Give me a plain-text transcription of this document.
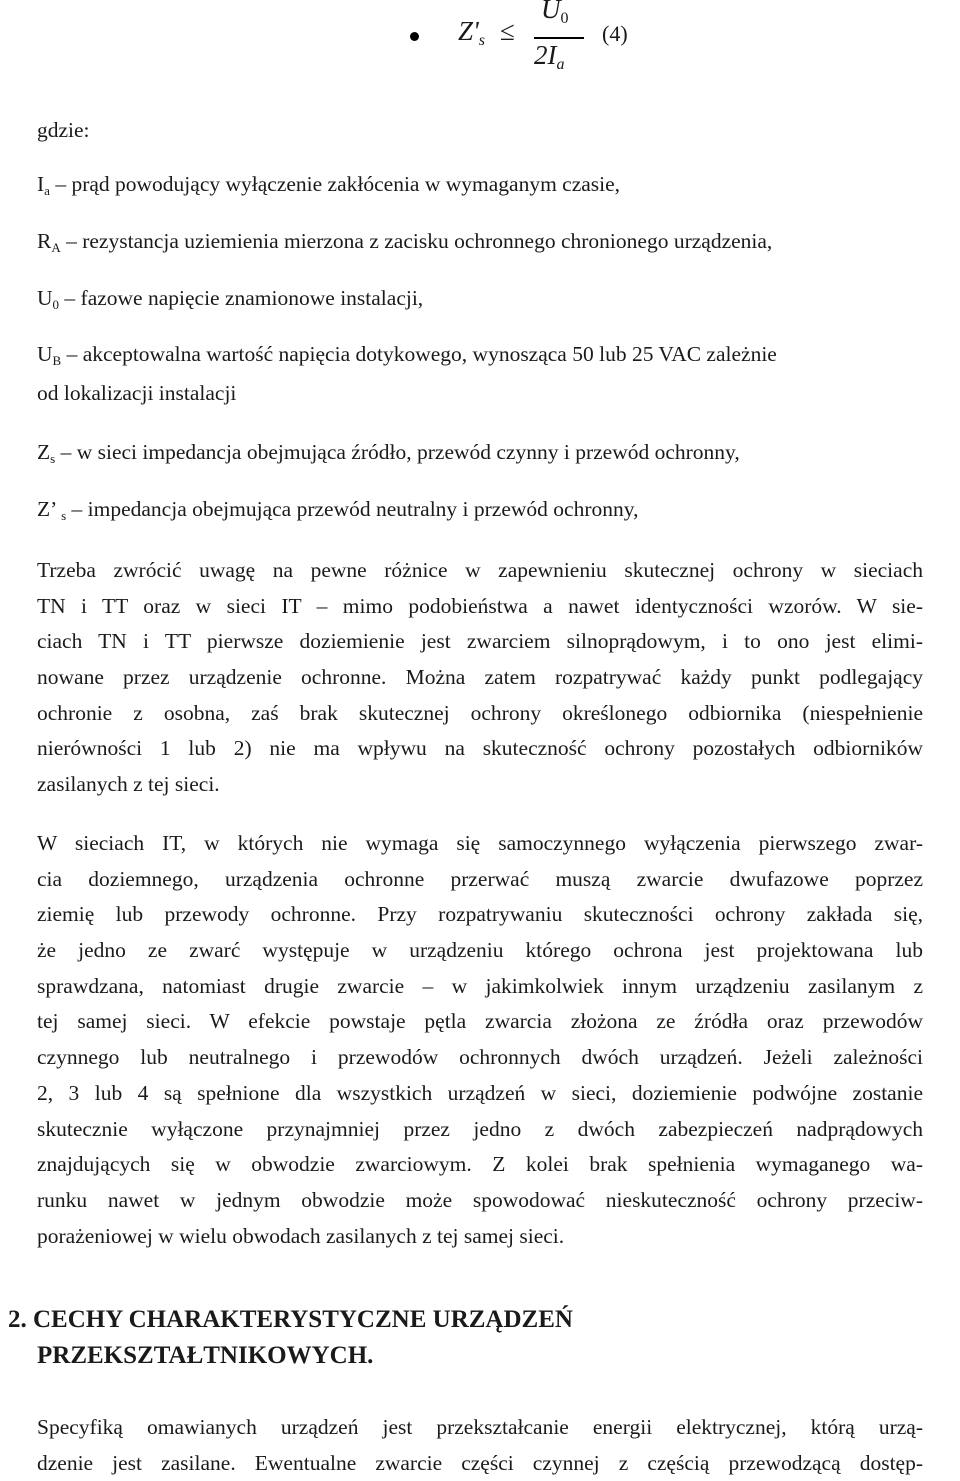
$Z'_s$ ≤
$U_0$
$2I_a$
(4)
gdzie:
$I_a$ – prąd powodujący wyłączenie zakłócenia w wymaganym czasie,
$R_A$ – rezystancja uziemienia mierzona z zacisku ochronnego chronionego urządzenia,
$U_0$ – fazowe napięcie znamionowe instalacji,
$U_B$ – akceptowalna wartość napięcia dotykowego, wynosząca 50 lub 25 VAC zależnie
od lokalizacji instalacji
$Z_s$ – w sieci impedancja obejmująca źródło, przewód czynny i przewód ochronny,
Z’ $_s$ – impedancja obejmująca przewód neutralny i przewód ochronny,
Trzeba zwrócić uwagę na pewne różnice w zapewnieniu skutecznej ochrony w sieciach
TN i TT oraz w sieci IT – mimo podobieństwa a nawet identyczności wzorów. W sie-
ciach TN i TT pierwsze doziemienie jest zwarciem silnoprądowym, i to ono jest elimi-
nowane przez urządzenie ochronne. Można zatem rozpatrywać każdy punkt podlegający
ochronie z osobna, zaś brak skutecznej ochrony określonego odbiornika (niespełnienie
nierówności 1 lub 2) nie ma wpływu na skuteczność ochrony pozostałych odbiorników
zasilanych z tej sieci.
W sieciach IT, w których nie wymaga się samoczynnego wyłączenia pierwszego zwar-
cia doziemnego, urządzenia ochronne przerwać muszą zwarcie dwufazowe poprzez
ziemię lub przewody ochronne. Przy rozpatrywaniu skuteczności ochrony zakłada się,
że jedno ze zwarć występuje w urządzeniu którego ochrona jest projektowana lub
sprawdzana, natomiast drugie zwarcie – w jakimkolwiek innym urządzeniu zasilanym z
tej samej sieci. W efekcie powstaje pętla zwarcia złożona ze źródła oraz przewodów
czynnego lub neutralnego i przewodów ochronnych dwóch urządzeń. Jeżeli zależności
2, 3 lub 4 są spełnione dla wszystkich urządzeń w sieci, doziemienie podwójne zostanie
skutecznie wyłączone przynajmniej przez jedno z dwóch zabezpieczeń nadprądowych
znajdujących się w obwodzie zwarciowym. Z kolei brak spełnienia wymaganego wa-
runku nawet w jednym obwodzie może spowodować nieskuteczność ochrony przeciw-
porażeniowej w wielu obwodach zasilanych z tej samej sieci.
2. CECHY CHARAKTERYSTYCZNE URZĄDZEŃ
PRZEKSZTAŁTNIKOWYCH.
Specyfiką omawianych urządzeń jest przekształcanie energii elektrycznej, którą urzą-
dzenie jest zasilane. Ewentualne zwarcie części czynnej z częścią przewodzącą dostęp-
